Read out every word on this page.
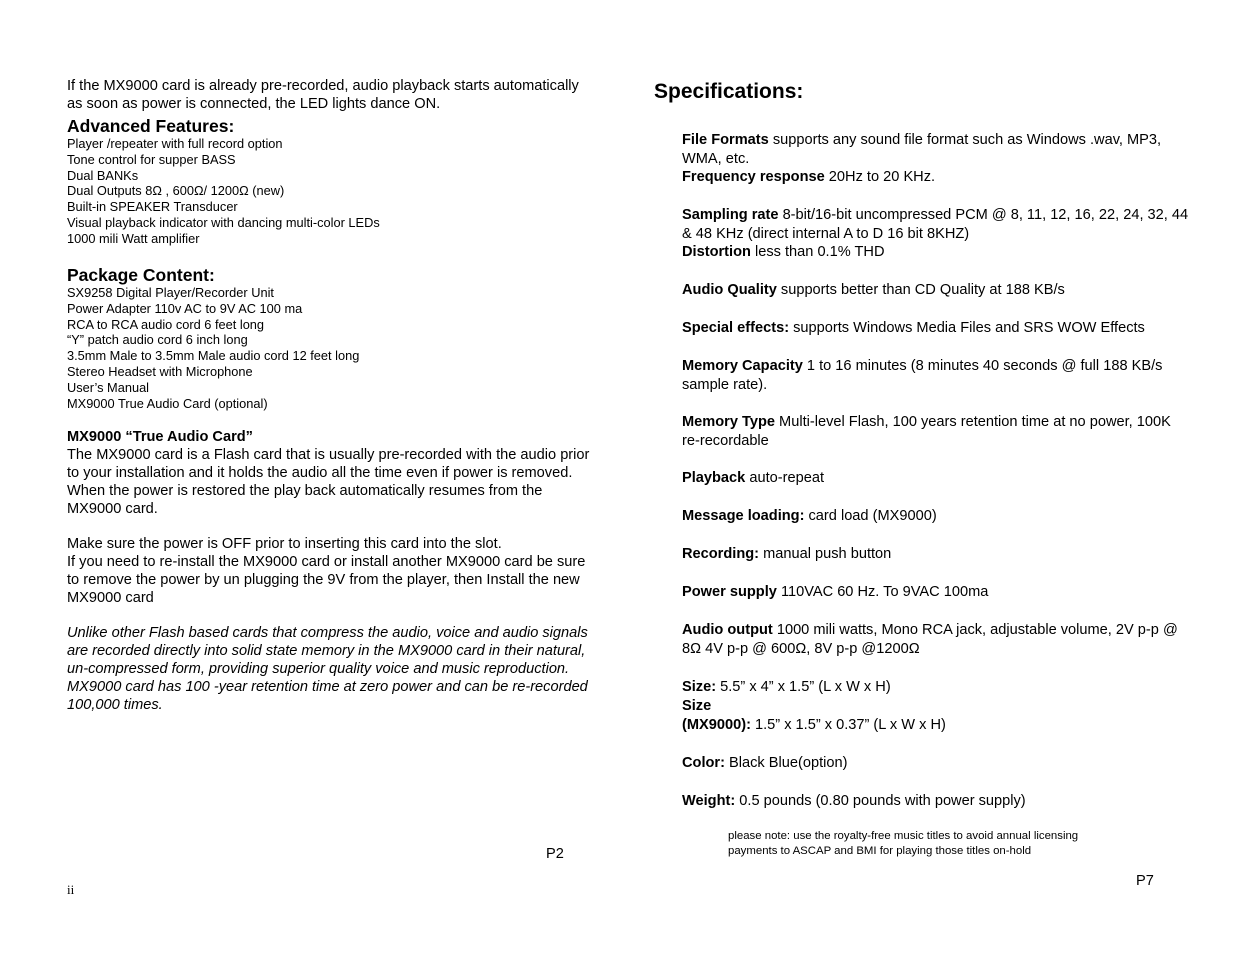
If the MX9000 card is already pre-recorded, audio playback starts automatically as soon as power is connected, the LED lights dance ON.

Advanced Features:

Player /repeater with full record option

Tone control for supper BASS

Dual BANKs

Dual Outputs 8Ω , 600Ω/ 1200Ω (new)

Built-in SPEAKER Transducer

Visual playback indicator with dancing multi-color LEDs

1000 mili Watt amplifier

Package Content:

SX9258 Digital Player/Recorder Unit

Power Adapter 110v AC to 9V AC 100 ma

RCA to RCA audio cord 6 feet long

“Y” patch audio cord 6 inch long

3.5mm Male to 3.5mm Male audio cord 12 feet long

Stereo Headset with Microphone

User’s Manual

MX9000 True Audio Card (optional)

MX9000 “True Audio Card”

The MX9000 card is a Flash card that is usually pre-recorded with the audio prior to your installation and it holds the audio all the time even if power is removed. When the power is restored the play back automatically resumes from the MX9000 card.

Make sure the power is OFF prior to inserting this card into the slot.

If you need to re-install the MX9000 card or install another MX9000 card be sure to remove the power by un plugging the 9V from the player, then Install the new MX9000 card

Unlike other Flash based cards that compress the audio, voice and audio signals are recorded directly into solid state memory in the MX9000 card in their natural, un-compressed form, providing superior quality voice and music reproduction. MX9000 card has 100 -year retention time at zero power and can be re-recorded 100,000 times.

P2
ii

Specifications:

File Formats supports any sound file format such as Windows .wav, MP3, WMA, etc.

Frequency response 20Hz to 20 KHz.

Sampling rate 8-bit/16-bit uncompressed PCM @ 8, 11, 12, 16, 22, 24, 32, 44 & 48 KHz (direct internal A to D 16 bit 8KHZ)

Distortion less than 0.1% THD

Audio Quality supports better than CD Quality at 188 KB/s

Special effects: supports Windows Media Files and SRS WOW Effects

Memory Capacity 1 to 16 minutes (8 minutes 40 seconds @ full 188 KB/s sample rate).

Memory Type Multi-level Flash, 100 years retention time at no power, 100K re-recordable

Playback auto-repeat

Message loading: card load (MX9000)

Recording: manual push button

Power supply 110VAC 60 Hz. To 9VAC 100ma

Audio output 1000 mili watts, Mono RCA jack, adjustable volume, 2V p-p @ 8Ω 4V p-p @ 600Ω, 8V p-p @1200Ω

Size: 5.5” x 4” x 1.5” (L x W x H)

Size

(MX9000): 1.5” x 1.5” x 0.37” (L x W x H)

Color: Black Blue(option)

Weight: 0.5 pounds (0.80 pounds with power supply)

please note: use the royalty-free music titles to avoid annual licensing payments to ASCAP and BMI for playing those titles on-hold

P7
